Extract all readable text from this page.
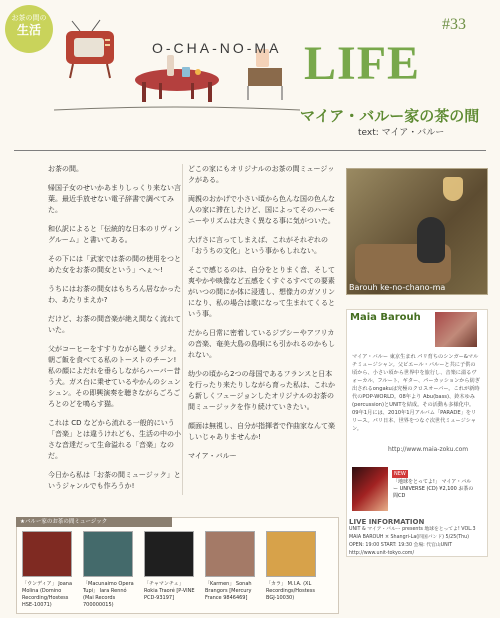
お茶の間の
生活	#33
O-CHA-NO-MA LIFE
マイア・バルー家の茶の間
text: マイア・バルー

お茶の間。

帰国子女のせいかあまりしっくり来ない言葉。最近手放せない電子辞書で調べてみた。

和仏訳によると「伝統的な日本のリヴィングルーム」と書いてある。

その下には「武家では茶の間の使用をつとめた女をお茶の間女という」へぇ〜!

うちにはお茶の間女はもちろん居なかったわ、あたりまえか?

だけど、お茶の間音楽が絶え間なく流れていた。

父がコーヒーをすすりながら聴くラジオ。朝ご飯を食べてる私のトーストのチーン! 私の顔によだれを垂らしながらハーバー昔う犬。ガス台に乗せているやかんのシュンシュン。その即興演奏を聴きながらごろごろとのどを鳴らす猫。

これは CD などから流れる一般的にいう「音楽」とは違うけれども、生活の中の小さな音達だって生命溢れる「音楽」なのだ。

今日から私は「お茶の間ミュージック」というジャンルでも作ろうか!

どこの家にもオリジナルのお茶の間ミュージックがある。

両親のおかげで小さい頃から色んな国の色んな人の家に滞在したけど、国によってそのハーモニーやリズムは大きく異なる事に気がついた。

大げさに言ってしまえば、これがそれぞれの「おうちの文化」という事かもしれない。

そこで感じるのは、自分をとりまく音、そして爽やかや映像など五感をくすぐるすべての要素がいつの間にか体に浸透し、想像力のガソリンになり、私の場合は歌になって生まれてくるという事。

だから日常に密着しているジプシーやアフリカの音楽、奄美大島の島唄にも引かれるのかもしれない。

幼少の頃から2つの母国であるフランスと日本を行ったり来たりしながら育った私は、これから新しくフュージョンしたオリジナルのお茶の間ミュージックを作り続けていきたい。

顔面は無視し、自分が指揮者で作曲家なんて楽しいじゃありませんか!

マイア・バルー

Barouh ke-no-chano-ma
Maia Barouh
マイア・バルー 東京生まれ パリ育ちのシンガー&マルチミュージシャン。父ピエール・バルーと共に子供の頃から、小さい頃から世界中を旅行し、音楽に溢るヴォーカル、フルート、ギター、パーカッションから紡ぎ出されるongakuは究極のクロスオーバー。これが新時代のPOP-WORLD。08年より Abu(bass)、鈴木ゆみ(percussion)とUNITを結成。その活動も多様化中。09年1月には、2010年1月アルバム「PARADE」をリリース。パリ日本、世界をつなぐ次世代ミュージシャン。
http://www.maia-zoku.com
NEW
「地球をとってよ!」 マイア・バルー UNIVERSE (CD) ¥2,100 お茶の間CD
★バルー家のお茶の間ミュージック
「ウンディア」 Joana Molina (Domino Recording/Hostess HSE-10071)
「Macunaimo Opera Tupi」 Iara Rennó (Mai Records 700000015)
「チャマンチュ」 Rokia Traoré [P-VINE PCD-93197]
「Karmen」 Sonah Brangors [Mercury France 9846469]
「カラ」 M.I.A. (XL Recordings/Hostess BGJ-10030)
LIVE INFORMATION
UNIT & マイア・バルー presents 地球をとってよ! VOL.3 MAIA BAROUH × Shangri-La(四国バンド) 5/25(Thu) OPEN: 19:00 START: 19:30 会場: 代官山UNIT http://www.unit-tokyo.com/
